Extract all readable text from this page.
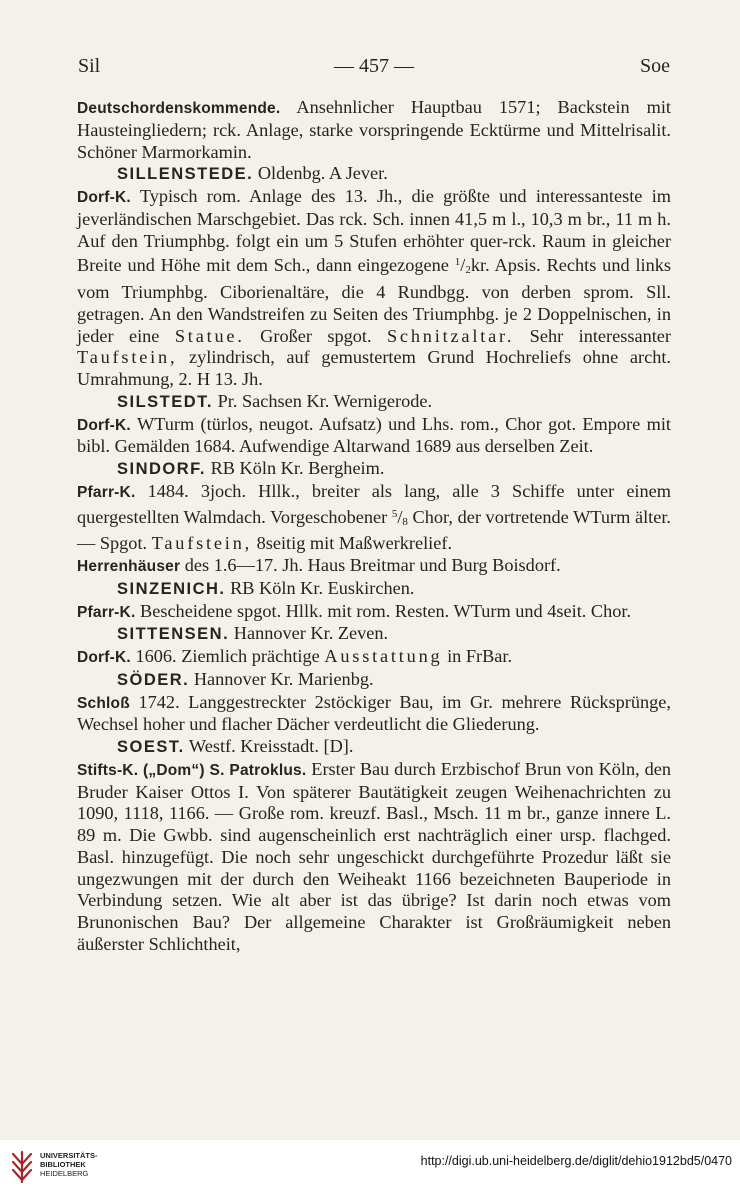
Sil	— 457 —	Soe

Deutschordenskommende. Ansehnlicher Hauptbau 1571; Backstein mit Hausteingliedern; rck. Anlage, starke vorspringende Ecktürme und Mittelrisalit. Schöner Marmorkamin.

SILLENSTEDE. Oldenbg. A Jever.

Dorf-K. Typisch rom. Anlage des 13. Jh., die größte und interessanteste im jeverländischen Marschgebiet. Das rck. Sch. innen 41,5 m l., 10,3 m br., 11 m h. Auf den Triumphbg. folgt ein um 5 Stufen erhöhter quer-rck. Raum in gleicher Breite und Höhe mit dem Sch., dann eingezogene $^1$/2kr. Apsis. Rechts und links vom Triumphbg. Ciborienaltäre, die 4 Rundbgg. von derben sprom. Sll. getragen. An den Wandstreifen zu Seiten des Triumphbg. je 2 Doppelnischen, in jeder eine Statue. Großer spgot. Schnitzaltar. Sehr interessanter Taufstein, zylindrisch, auf gemustertem Grund Hochreliefs ohne archt. Umrahmung, 2. H 13. Jh.

SILSTEDT. Pr. Sachsen Kr. Wernigerode.

Dorf-K. WTurm (türlos, neugot. Aufsatz) und Lhs. rom., Chor got. Empore mit bibl. Gemälden 1684. Aufwendige Altarwand 1689 aus derselben Zeit.

SINDORF. RB Köln Kr. Bergheim.

Pfarr-K. 1484. 3joch. Hllk., breiter als lang, alle 3 Schiffe unter einem quergestellten Walmdach. Vorgeschobener $^5$/8 Chor, der vortretende WTurm älter. — Spgot. Taufstein, 8seitig mit Maßwerkrelief.

Herrenhäuser des 1.6—17. Jh. Haus Breitmar und Burg Boisdorf.

SINZENICH. RB Köln Kr. Euskirchen.

Pfarr-K. Bescheidene spgot. Hllk. mit rom. Resten. WTurm und 4seit. Chor.

SITTENSEN. Hannover Kr. Zeven.

Dorf-K. 1606. Ziemlich prächtige Ausstattung in FrBar.

SÖDER. Hannover Kr. Marienbg.

Schloß 1742. Langgestreckter 2stöckiger Bau, im Gr. mehrere Rücksprünge, Wechsel hoher und flacher Dächer verdeutlicht die Gliederung.

SOEST. Westf. Kreisstadt. [D].

Stifts-K. („Dom“) S. Patroklus. Erster Bau durch Erzbischof Brun von Köln, den Bruder Kaiser Ottos I. Von späterer Bautätigkeit zeugen Weihenachrichten zu 1090, 1118, 1166. — Große rom. kreuzf. Basl., Msch. 11 m br., ganze innere L. 89 m. Die Gwbb. sind augenscheinlich erst nachträglich einer ursp. flachged. Basl. hinzugefügt. Die noch sehr ungeschickt durchgeführte Prozedur läßt sie ungezwungen mit der durch den Weiheakt 1166 bezeichneten Bauperiode in Verbindung setzen. Wie alt aber ist das übrige? Ist darin noch etwas vom Brunonischen Bau? Der allgemeine Charakter ist Großräumigkeit neben äußerster Schlichtheit,

UNIVERSITÄTS-
BIBLIOTHEK
HEIDELBERG
http://digi.ub.uni-heidelberg.de/diglit/dehio1912bd5/0470
